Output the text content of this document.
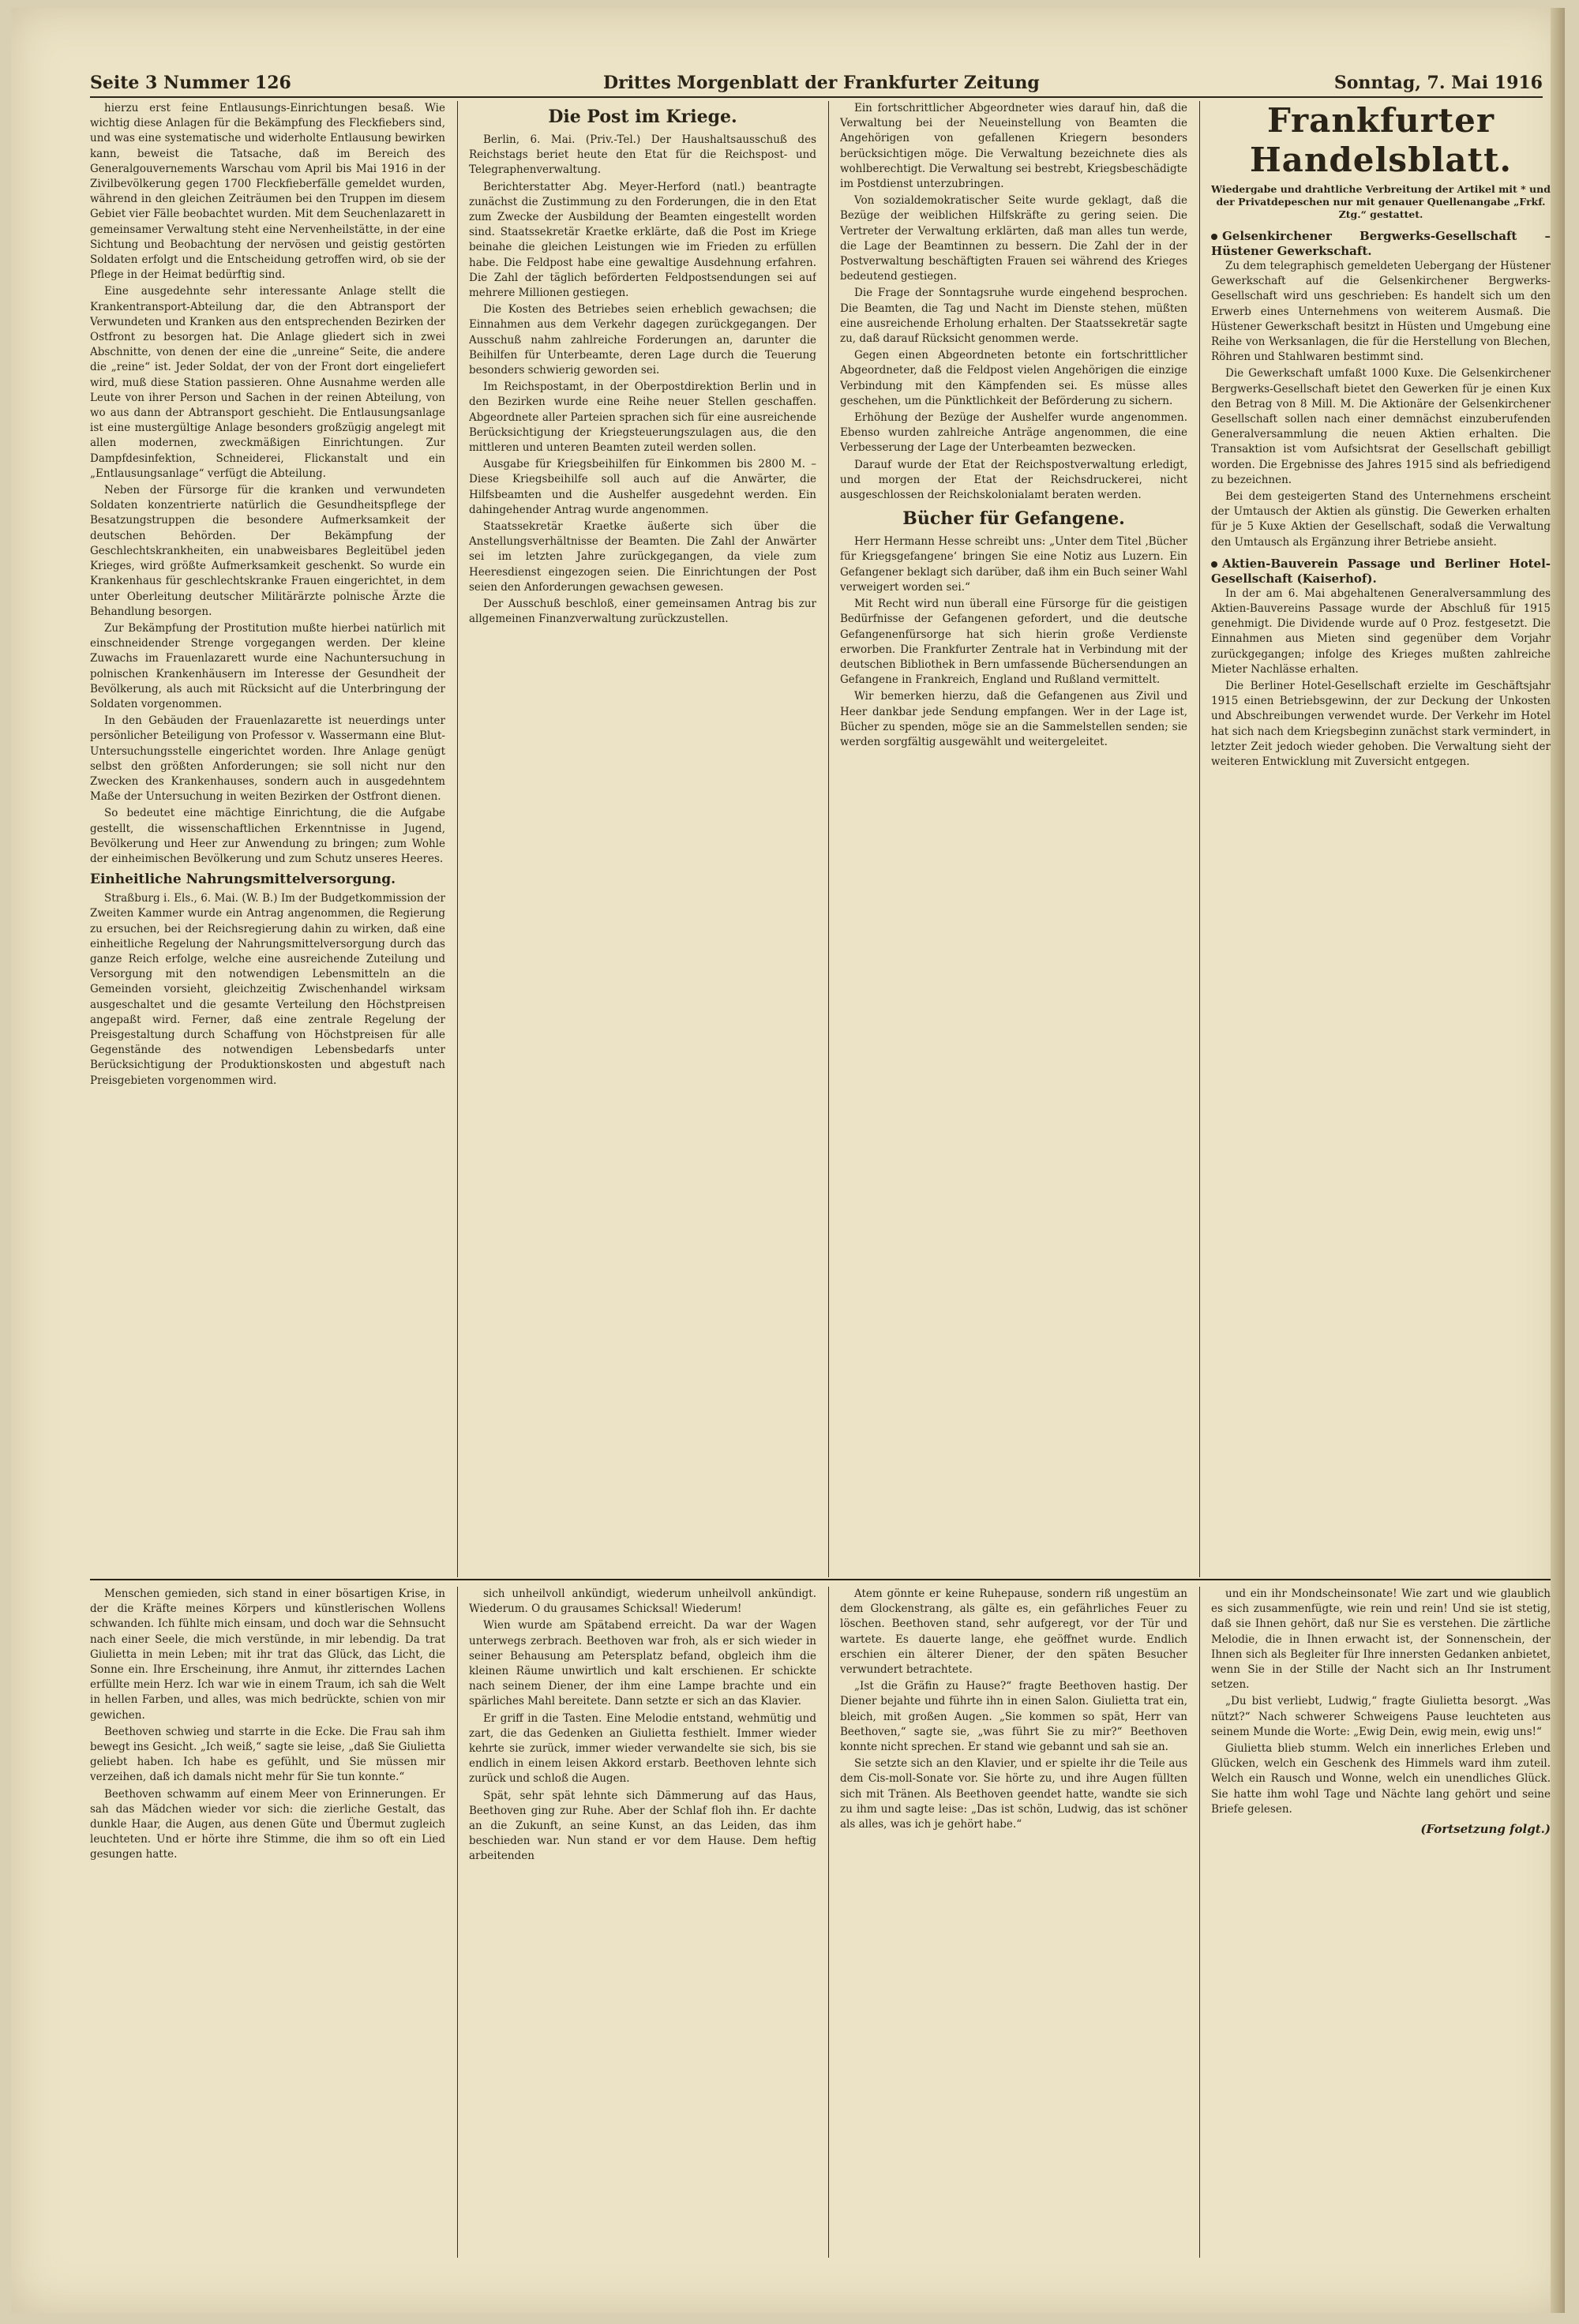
Seite 3 Nummer 126	Drittes Morgenblatt der Frankfurter Zeitung	Sonntag, 7. Mai 1916

hierzu erst feine Entlausungs-Einrichtungen besaß. Wie wichtig diese Anlagen für die Bekämpfung des Fleckfiebers sind, und was eine systematische und widerholte Entlausung bewirken kann, beweist die Tatsache, daß im Bereich des Generalgouvernements Warschau vom April bis Mai 1916 in der Zivilbevölkerung gegen 1700 Fleckfieberfälle gemeldet wurden, während in den gleichen Zeiträumen bei den Truppen im diesem Gebiet vier Fälle beobachtet wurden. Mit dem Seuchenlazarett in gemeinsamer Verwaltung steht eine Nervenheilstätte, in der eine Sichtung und Beobachtung der nervösen und geistig gestörten Soldaten erfolgt und die Entscheidung getroffen wird, ob sie der Pflege in der Heimat bedürftig sind.

Eine ausgedehnte sehr interessante Anlage stellt die Krankentransport-Abteilung dar, die den Abtransport der Verwundeten und Kranken aus den entsprechenden Bezirken der Ostfront zu besorgen hat. Die Anlage gliedert sich in zwei Abschnitte, von denen der eine die „unreine“ Seite, die andere die „reine“ ist. Jeder Soldat, der von der Front dort eingeliefert wird, muß diese Station passieren. Ohne Ausnahme werden alle Leute von ihrer Person und Sachen in der reinen Abteilung, von wo aus dann der Abtransport geschieht. Die Entlausungsanlage ist eine mustergültige Anlage besonders großzügig angelegt mit allen modernen, zweckmäßigen Einrichtungen. Zur Dampfdesinfektion, Schneiderei, Flickanstalt und ein „Entlausungsanlage“ verfügt die Abteilung.

Neben der Fürsorge für die kranken und verwundeten Soldaten konzentrierte natürlich die Gesundheitspflege der Besatzungstruppen die besondere Aufmerksamkeit der deutschen Behörden. Der Bekämpfung der Geschlechtskrankheiten, ein unabweisbares Begleitübel jeden Krieges, wird größte Aufmerksamkeit geschenkt. So wurde ein Krankenhaus für geschlechtskranke Frauen eingerichtet, in dem unter Oberleitung deutscher Militärärzte polnische Ärzte die Behandlung besorgen.

Zur Bekämpfung der Prostitution mußte hierbei natürlich mit einschneidender Strenge vorgegangen werden. Der kleine Zuwachs im Frauenlazarett wurde eine Nachuntersuchung in polnischen Krankenhäusern im Interesse der Gesundheit der Bevölkerung, als auch mit Rücksicht auf die Unterbringung der Soldaten vorgenommen.

In den Gebäuden der Frauenlazarette ist neuerdings unter persönlicher Beteiligung von Professor v. Wassermann eine Blut-Untersuchungsstelle eingerichtet worden. Ihre Anlage genügt selbst den größten Anforderungen; sie soll nicht nur den Zwecken des Krankenhauses, sondern auch in ausgedehntem Maße der Untersuchung in weiten Bezirken der Ostfront dienen.

So bedeutet eine mächtige Einrichtung, die die Aufgabe gestellt, die wissenschaftlichen Erkenntnisse in Jugend, Bevölkerung und Heer zur Anwendung zu bringen; zum Wohle der einheimischen Bevölkerung und zum Schutz unseres Heeres.

Einheitliche Nahrungsmittelversorgung.

Straßburg i. Els., 6. Mai. (W. B.) Im der Budgetkommission der Zweiten Kammer wurde ein Antrag angenommen, die Regierung zu ersuchen, bei der Reichsregierung dahin zu wirken, daß eine einheitliche Regelung der Nahrungsmittelversorgung durch das ganze Reich erfolge, welche eine ausreichende Zuteilung und Versorgung mit den notwendigen Lebensmitteln an die Gemeinden vorsieht, gleichzeitig Zwischenhandel wirksam ausgeschaltet und die gesamte Verteilung den Höchstpreisen angepaßt wird. Ferner, daß eine zentrale Regelung der Preisgestaltung durch Schaffung von Höchstpreisen für alle Gegenstände des notwendigen Lebensbedarfs unter Berücksichtigung der Produktionskosten und abgestuft nach Preisgebieten vorgenommen wird.

Die Post im Kriege.

Berlin, 6. Mai. (Priv.-Tel.) Der Haushaltsausschuß des Reichstags beriet heute den Etat für die Reichspost- und Telegraphenverwaltung.

Berichterstatter Abg. Meyer-Herford (natl.) beantragte zunächst die Zustimmung zu den Forderungen, die in den Etat zum Zwecke der Ausbildung der Beamten eingestellt worden sind. Staatssekretär Kraetke erklärte, daß die Post im Kriege beinahe die gleichen Leistungen wie im Frieden zu erfüllen habe. Die Feldpost habe eine gewaltige Ausdehnung erfahren. Die Zahl der täglich beförderten Feldpostsendungen sei auf mehrere Millionen gestiegen.

Die Kosten des Betriebes seien erheblich gewachsen; die Einnahmen aus dem Verkehr dagegen zurückgegangen. Der Ausschuß nahm zahlreiche Forderungen an, darunter die Beihilfen für Unterbeamte, deren Lage durch die Teuerung besonders schwierig geworden sei.

Im Reichspostamt, in der Oberpostdirektion Berlin und in den Bezirken wurde eine Reihe neuer Stellen geschaffen. Abgeordnete aller Parteien sprachen sich für eine ausreichende Berücksichtigung der Kriegsteuerungszulagen aus, die den mittleren und unteren Beamten zuteil werden sollen.

Ausgabe für Kriegsbeihilfen für Einkommen bis 2800 M. – Diese Kriegsbeihilfe soll auch auf die Anwärter, die Hilfsbeamten und die Aushelfer ausgedehnt werden. Ein dahingehender Antrag wurde angenommen.

Staatssekretär Kraetke äußerte sich über die Anstellungsverhältnisse der Beamten. Die Zahl der Anwärter sei im letzten Jahre zurückgegangen, da viele zum Heeresdienst eingezogen seien. Die Einrichtungen der Post seien den Anforderungen gewachsen gewesen.

Der Ausschuß beschloß, einer gemeinsamen Antrag bis zur allgemeinen Finanzverwaltung zurückzustellen.

Ein fortschrittlicher Abgeordneter wies darauf hin, daß die Verwaltung bei der Neueinstellung von Beamten die Angehörigen von gefallenen Kriegern besonders berücksichtigen möge. Die Verwaltung bezeichnete dies als wohlberechtigt. Die Verwaltung sei bestrebt, Kriegsbeschädigte im Postdienst unterzubringen.

Von sozialdemokratischer Seite wurde geklagt, daß die Bezüge der weiblichen Hilfskräfte zu gering seien. Die Vertreter der Verwaltung erklärten, daß man alles tun werde, die Lage der Beamtinnen zu bessern. Die Zahl der in der Postverwaltung beschäftigten Frauen sei während des Krieges bedeutend gestiegen.

Die Frage der Sonntagsruhe wurde eingehend besprochen. Die Beamten, die Tag und Nacht im Dienste stehen, müßten eine ausreichende Erholung erhalten. Der Staatssekretär sagte zu, daß darauf Rücksicht genommen werde.

Gegen einen Abgeordneten betonte ein fortschrittlicher Abgeordneter, daß die Feldpost vielen Angehörigen die einzige Verbindung mit den Kämpfenden sei. Es müsse alles geschehen, um die Pünktlichkeit der Beförderung zu sichern.

Erhöhung der Bezüge der Aushelfer wurde angenommen. Ebenso wurden zahlreiche Anträge angenommen, die eine Verbesserung der Lage der Unterbeamten bezwecken.

Darauf wurde der Etat der Reichspostverwaltung erledigt, und morgen der Etat der Reichsdruckerei, nicht ausgeschlossen der Reichskolonialamt beraten werden.

Bücher für Gefangene.

Herr Hermann Hesse schreibt uns: „Unter dem Titel ‚Bücher für Kriegsgefangene‘ bringen Sie eine Notiz aus Luzern. Ein Gefangener beklagt sich darüber, daß ihm ein Buch seiner Wahl verweigert worden sei.“

Mit Recht wird nun überall eine Fürsorge für die geistigen Bedürfnisse der Gefangenen gefordert, und die deutsche Gefangenenfürsorge hat sich hierin große Verdienste erworben. Die Frankfurter Zentrale hat in Verbindung mit der deutschen Bibliothek in Bern umfassende Büchersendungen an Gefangene in Frankreich, England und Rußland vermittelt.

Wir bemerken hierzu, daß die Gefangenen aus Zivil und Heer dankbar jede Sendung empfangen. Wer in der Lage ist, Bücher zu spenden, möge sie an die Sammelstellen senden; sie werden sorgfältig ausgewählt und weitergeleitet.

Frankfurter Handelsblatt.
Wiedergabe und drahtliche Verbreitung der Artikel mit * und der Privatdepeschen nur mit genauer Quellenangabe „Frkf. Ztg.“ gestattet.
Gelsenkirchener Bergwerks-Gesellschaft – Hüstener Gewerkschaft.

Zu dem telegraphisch gemeldeten Uebergang der Hüstener Gewerkschaft auf die Gelsenkirchener Bergwerks-Gesellschaft wird uns geschrieben: Es handelt sich um den Erwerb eines Unternehmens von weiterem Ausmaß. Die Hüstener Gewerkschaft besitzt in Hüsten und Umgebung eine Reihe von Werksanlagen, die für die Herstellung von Blechen, Röhren und Stahlwaren bestimmt sind.

Die Gewerkschaft umfaßt 1000 Kuxe. Die Gelsenkirchener Bergwerks-Gesellschaft bietet den Gewerken für je einen Kux den Betrag von 8 Mill. M. Die Aktionäre der Gelsenkirchener Gesellschaft sollen nach einer demnächst einzuberufenden Generalversammlung die neuen Aktien erhalten. Die Transaktion ist vom Aufsichtsrat der Gesellschaft gebilligt worden. Die Ergebnisse des Jahres 1915 sind als befriedigend zu bezeichnen.

Bei dem gesteigerten Stand des Unternehmens erscheint der Umtausch der Aktien als günstig. Die Gewerken erhalten für je 5 Kuxe Aktien der Gesellschaft, sodaß die Verwaltung den Umtausch als Ergänzung ihrer Betriebe ansieht.

Aktien-Bauverein Passage und Berliner Hotel-Gesellschaft (Kaiserhof).

In der am 6. Mai abgehaltenen Generalversammlung des Aktien-Bauvereins Passage wurde der Abschluß für 1915 genehmigt. Die Dividende wurde auf 0 Proz. festgesetzt. Die Einnahmen aus Mieten sind gegenüber dem Vorjahr zurückgegangen; infolge des Krieges mußten zahlreiche Mieter Nachlässe erhalten.

Die Berliner Hotel-Gesellschaft erzielte im Geschäftsjahr 1915 einen Betriebsgewinn, der zur Deckung der Unkosten und Abschreibungen verwendet wurde. Der Verkehr im Hotel hat sich nach dem Kriegsbeginn zunächst stark vermindert, in letzter Zeit jedoch wieder gehoben. Die Verwaltung sieht der weiteren Entwicklung mit Zuversicht entgegen.

Menschen gemieden, sich stand in einer bösartigen Krise, in der die Kräfte meines Körpers und künstlerischen Wollens schwanden. Ich fühlte mich einsam, und doch war die Sehnsucht nach einer Seele, die mich verstünde, in mir lebendig. Da trat Giulietta in mein Leben; mit ihr trat das Glück, das Licht, die Sonne ein. Ihre Erscheinung, ihre Anmut, ihr zitterndes Lachen erfüllte mein Herz. Ich war wie in einem Traum, ich sah die Welt in hellen Farben, und alles, was mich bedrückte, schien von mir gewichen.

Beethoven schwieg und starrte in die Ecke. Die Frau sah ihm bewegt ins Gesicht. „Ich weiß,“ sagte sie leise, „daß Sie Giulietta geliebt haben. Ich habe es gefühlt, und Sie müssen mir verzeihen, daß ich damals nicht mehr für Sie tun konnte.“

Beethoven schwamm auf einem Meer von Erinnerungen. Er sah das Mädchen wieder vor sich: die zierliche Gestalt, das dunkle Haar, die Augen, aus denen Güte und Übermut zugleich leuchteten. Und er hörte ihre Stimme, die ihm so oft ein Lied gesungen hatte.

sich unheilvoll ankündigt, wiederum unheilvoll ankündigt. Wiederum. O du grausames Schicksal! Wiederum!

Wien wurde am Spätabend erreicht. Da war der Wagen unterwegs zerbrach. Beethoven war froh, als er sich wieder in seiner Behausung am Petersplatz befand, obgleich ihm die kleinen Räume unwirtlich und kalt erschienen. Er schickte nach seinem Diener, der ihm eine Lampe brachte und ein spärliches Mahl bereitete. Dann setzte er sich an das Klavier.

Er griff in die Tasten. Eine Melodie entstand, wehmütig und zart, die das Gedenken an Giulietta festhielt. Immer wieder kehrte sie zurück, immer wieder verwandelte sie sich, bis sie endlich in einem leisen Akkord erstarb. Beethoven lehnte sich zurück und schloß die Augen.

Spät, sehr spät lehnte sich Dämmerung auf das Haus, Beethoven ging zur Ruhe. Aber der Schlaf floh ihn. Er dachte an die Zukunft, an seine Kunst, an das Leiden, das ihm beschieden war. Nun stand er vor dem Hause. Dem heftig arbeitenden

Atem gönnte er keine Ruhepause, sondern riß ungestüm an dem Glockenstrang, als gälte es, ein gefährliches Feuer zu löschen. Beethoven stand, sehr aufgeregt, vor der Tür und wartete. Es dauerte lange, ehe geöffnet wurde. Endlich erschien ein älterer Diener, der den späten Besucher verwundert betrachtete.

„Ist die Gräfin zu Hause?“ fragte Beethoven hastig. Der Diener bejahte und führte ihn in einen Salon. Giulietta trat ein, bleich, mit großen Augen. „Sie kommen so spät, Herr van Beethoven,“ sagte sie, „was führt Sie zu mir?“ Beethoven konnte nicht sprechen. Er stand wie gebannt und sah sie an.

Sie setzte sich an den Klavier, und er spielte ihr die Teile aus dem Cis-moll-Sonate vor. Sie hörte zu, und ihre Augen füllten sich mit Tränen. Als Beethoven geendet hatte, wandte sie sich zu ihm und sagte leise: „Das ist schön, Ludwig, das ist schöner als alles, was ich je gehört habe.“

und ein ihr Mondscheinsonate! Wie zart und wie glaublich es sich zusammenfügte, wie rein und rein! Und sie ist stetig, daß sie Ihnen gehört, daß nur Sie es verstehen. Die zärtliche Melodie, die in Ihnen erwacht ist, der Sonnenschein, der Ihnen sich als Begleiter für Ihre innersten Gedanken anbietet, wenn Sie in der Stille der Nacht sich an Ihr Instrument setzen.

„Du bist verliebt, Ludwig,“ fragte Giulietta besorgt. „Was nützt?“ Nach schwerer Schweigens Pause leuchteten aus seinem Munde die Worte: „Ewig Dein, ewig mein, ewig uns!“

Giulietta blieb stumm. Welch ein innerliches Erleben und Glücken, welch ein Geschenk des Himmels ward ihm zuteil. Welch ein Rausch und Wonne, welch ein unendliches Glück. Sie hatte ihm wohl Tage und Nächte lang gehört und seine Briefe gelesen.

(Fortsetzung folgt.)
